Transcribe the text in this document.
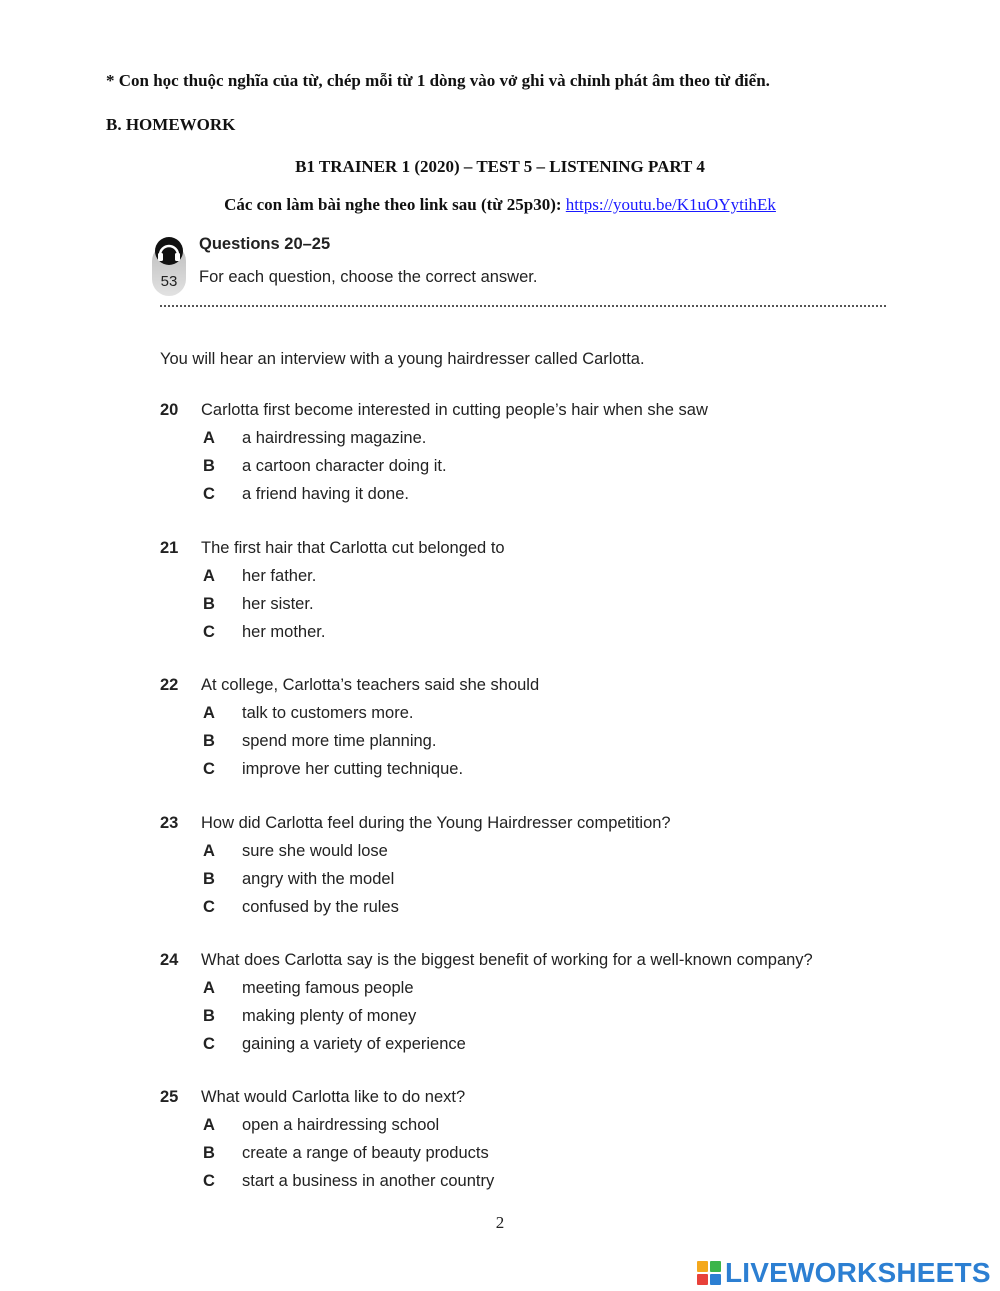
* Con học thuộc nghĩa của từ, chép mỗi từ 1 dòng vào vở ghi và chỉnh phát âm theo từ điển.
B. HOMEWORK
B1 TRAINER 1 (2020) – TEST 5 – LISTENING PART 4
Các con làm bài nghe theo link sau (từ 25p30): https://youtu.be/K1uOYytihEk
53
Questions 20–25
For each question, choose the correct answer.
You will hear an interview with a young hairdresser called Carlotta.
20 Carlotta first become interested in cutting people’s hair when she saw
A a hairdressing magazine.
B a cartoon character doing it.
C a friend having it done.
21 The first hair that Carlotta cut belonged to
A her father.
B her sister.
C her mother.
22 At college, Carlotta’s teachers said she should
A talk to customers more.
B spend more time planning.
C improve her cutting technique.
23 How did Carlotta feel during the Young Hairdresser competition?
A sure she would lose
B angry with the model
C confused by the rules
24 What does Carlotta say is the biggest benefit of working for a well-known company?
A meeting famous people
B making plenty of money
C gaining a variety of experience
25 What would Carlotta like to do next?
A open a hairdressing school
B create a range of beauty products
C start a business in another country
2
LIVEWORKSHEETS
